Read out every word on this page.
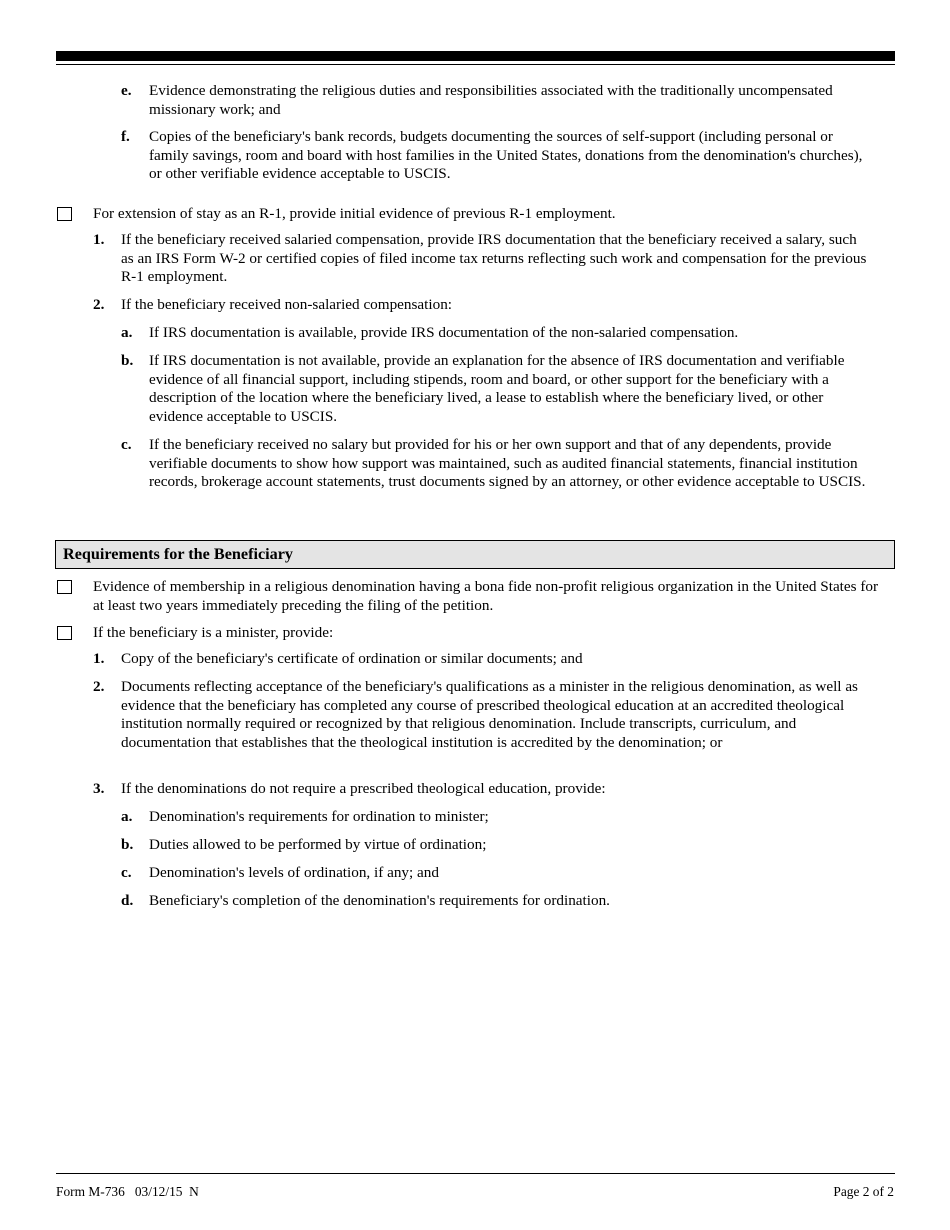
e. Evidence demonstrating the religious duties and responsibilities associated with the traditionally uncompensated missionary work; and
f. Copies of the beneficiary's bank records, budgets documenting the sources of self-support (including personal or family savings, room and board with host families in the United States, donations from the denomination's churches), or other verifiable evidence acceptable to USCIS.
For extension of stay as an R-1, provide initial evidence of previous R-1 employment.
1. If the beneficiary received salaried compensation, provide IRS documentation that the beneficiary received a salary, such as an IRS Form W-2 or certified copies of filed income tax returns reflecting such work and compensation for the previous R-1 employment.
2. If the beneficiary received non-salaried compensation:
a. If IRS documentation is available, provide IRS documentation of the non-salaried compensation.
b. If IRS documentation is not available, provide an explanation for the absence of IRS documentation and verifiable evidence of all financial support, including stipends, room and board, or other support for the beneficiary with a description of the location where the beneficiary lived, a lease to establish where the beneficiary lived, or other evidence acceptable to USCIS.
c. If the beneficiary received no salary but provided for his or her own support and that of any dependents, provide verifiable documents to show how support was maintained, such as audited financial statements, financial institution records, brokerage account statements, trust documents signed by an attorney, or other evidence acceptable to USCIS.
Requirements for the Beneficiary
Evidence of membership in a religious denomination having a bona fide non-profit religious organization in the United States for at least two years immediately preceding the filing of the petition.
If the beneficiary is a minister, provide:
1. Copy of the beneficiary's certificate of ordination or similar documents; and
2. Documents reflecting acceptance of the beneficiary's qualifications as a minister in the religious denomination, as well as evidence that the beneficiary has completed any course of prescribed theological education at an accredited theological institution normally required or recognized by that religious denomination. Include transcripts, curriculum, and documentation that establishes that the theological institution is accredited by the denomination; or
3. If the denominations do not require a prescribed theological education, provide:
a. Denomination's requirements for ordination to minister;
b. Duties allowed to be performed by virtue of ordination;
c. Denomination's levels of ordination, if any; and
d. Beneficiary's completion of the denomination's requirements for ordination.
Form M-736   03/12/15  N	Page 2 of 2
